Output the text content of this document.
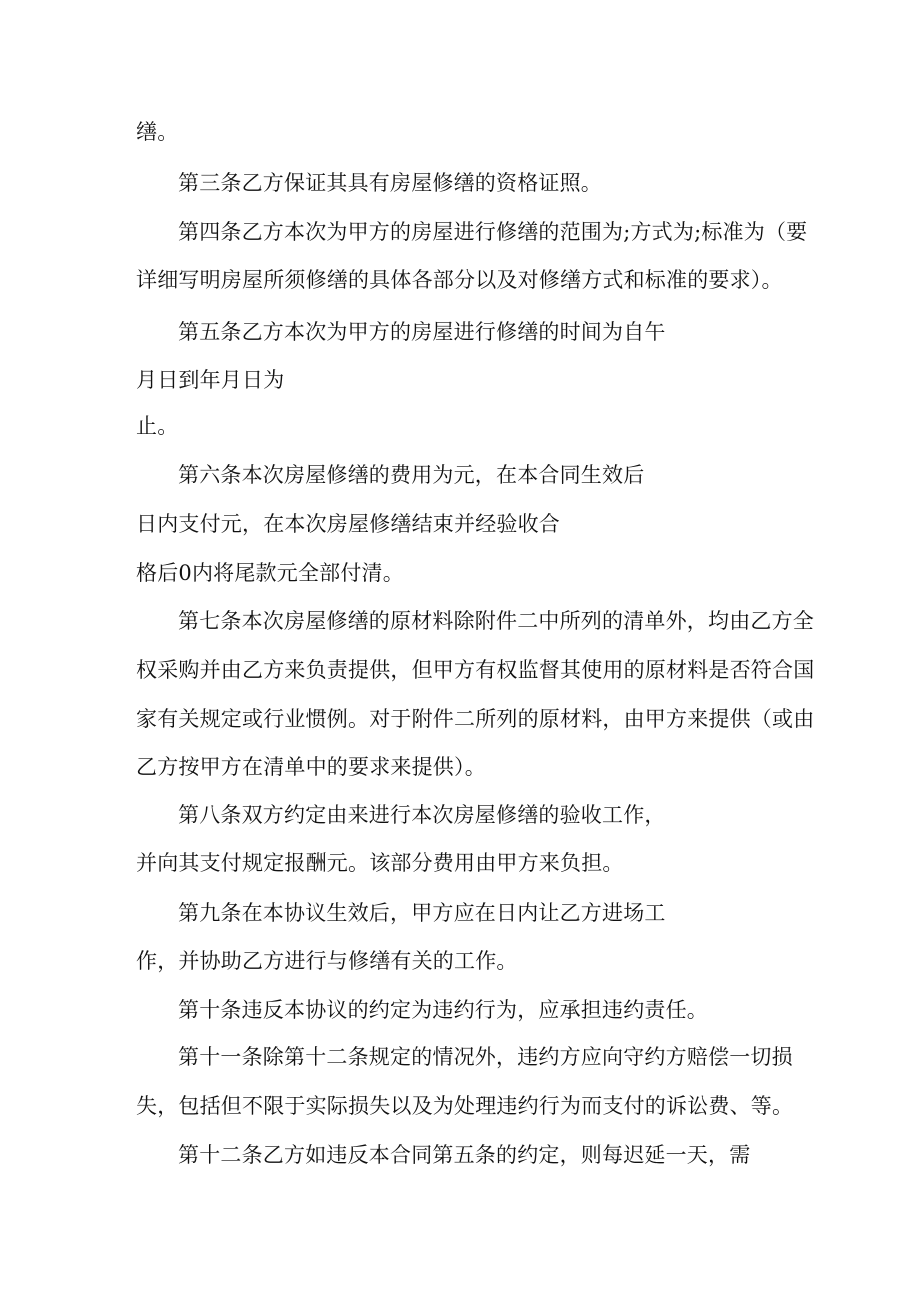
缮。
第三条乙方保证其具有房屋修缮的资格证照。
第四条乙方本次为甲方的房屋进行修缮的范围为;方式为;标准为（要
详细写明房屋所须修缮的具体各部分以及对修缮方式和标准的要求）。
第五条乙方本次为甲方的房屋进行修缮的时间为自午
月日到年月日为
止。
第六条本次房屋修缮的费用为元，在本合同生效后
日内支付元，在本次房屋修缮结束并经验收合
格后0内将尾款元全部付清。
第七条本次房屋修缮的原材料除附件二中所列的清单外，均由乙方全
权采购并由乙方来负责提供，但甲方有权监督其使用的原材料是否符合国
家有关规定或行业惯例。对于附件二所列的原材料，由甲方来提供（或由
乙方按甲方在清单中的要求来提供）。
第八条双方约定由来进行本次房屋修缮的验收工作，
并向其支付规定报酬元。该部分费用由甲方来负担。
第九条在本协议生效后，甲方应在日内让乙方进场工
作，并协助乙方进行与修缮有关的工作。
第十条违反本协议的约定为违约行为，应承担违约责任。
第十一条除第十二条规定的情况外，违约方应向守约方赔偿一切损
失，包括但不限于实际损失以及为处理违约行为而支付的诉讼费、等。
第十二条乙方如违反本合同第五条的约定，则每迟延一天，需
